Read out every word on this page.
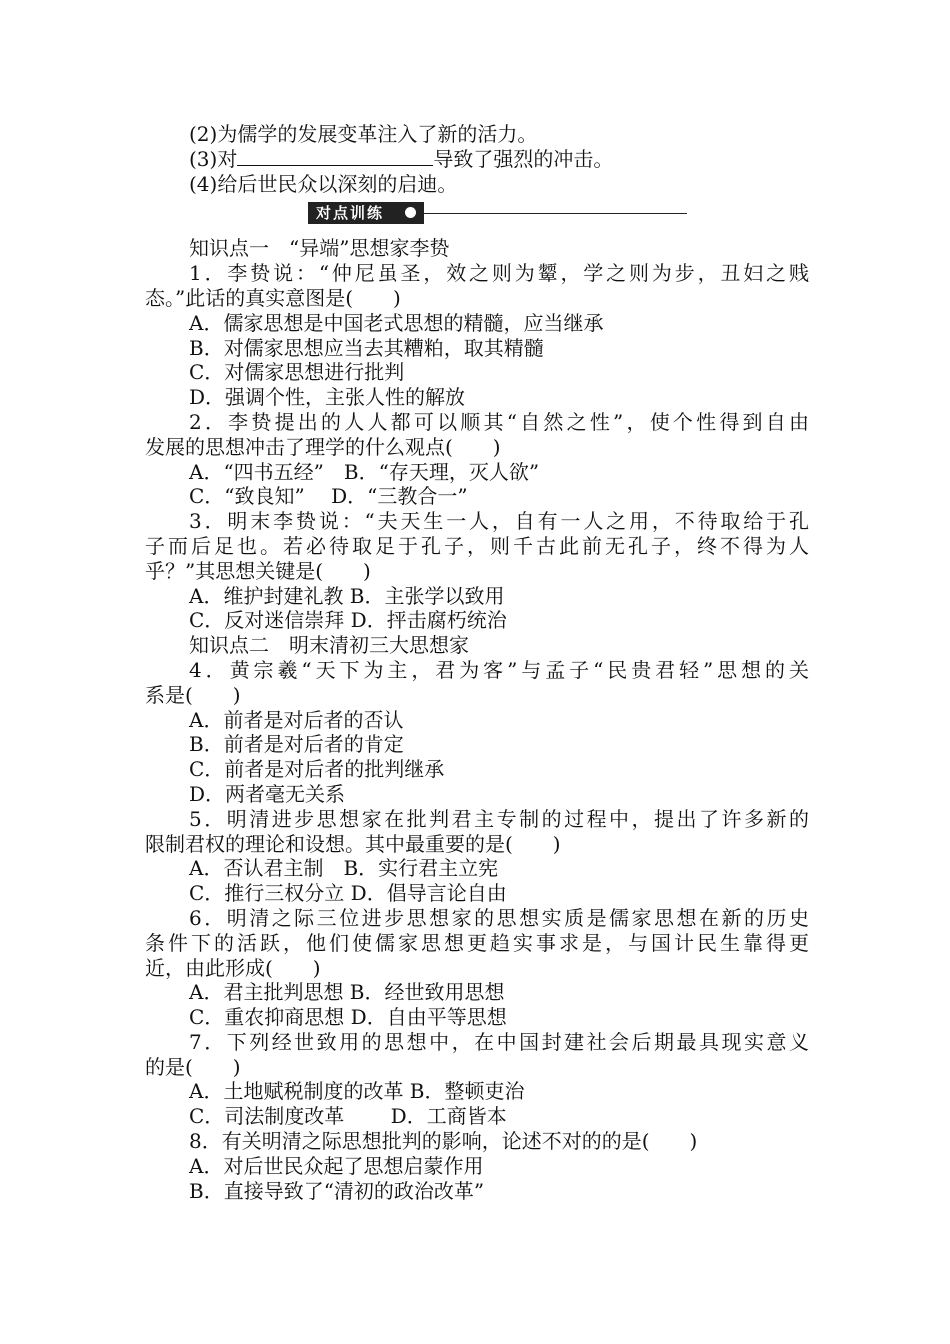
(2)为儒学的发展变革注入了新的活力。
(3)对	导致了强烈的冲击。
(4)给后世民众以深刻的启迪。
对点训练
知识点一　“异端”思想家李贽
1．李贽说：“仲尼虽圣，效之则为颦，学之则为步，丑妇之贱
态。”此话的真实意图是(　　)
A．儒家思想是中国老式思想的精髓，应当继承
B．对儒家思想应当去其糟粕，取其精髓
C．对儒家思想进行批判
D．强调个性，主张人性的解放
2．李贽提出的人人都可以顺其“自然之性”，使个性得到自由
发展的思想冲击了理学的什么观点(　　)
A．“四书五经”　B．“存天理，灭人欲”
C．“致良知”　 D．“三教合一”
3．明末李贽说：“夫天生一人，自有一人之用，不待取给于孔
子而后足也。若必待取足于孔子，则千古此前无孔子，终不得为人
乎？”其思想关键是(　　)
A．维护封建礼教 B．主张学以致用
C．反对迷信崇拜 D．抨击腐朽统治
知识点二　明末清初三大思想家
4．黄宗羲“天下为主，君为客”与孟子“民贵君轻”思想的关
系是(　　)
A．前者是对后者的否认
B．前者是对后者的肯定
C．前者是对后者的批判继承
D．两者毫无关系
5．明清进步思想家在批判君主专制的过程中，提出了许多新的
限制君权的理论和设想。其中最重要的是(　　)
A．否认君主制　B．实行君主立宪
C．推行三权分立 D．倡导言论自由
6．明清之际三位进步思想家的思想实质是儒家思想在新的历史
条件下的活跃，他们使儒家思想更趋实事求是，与国计民生靠得更
近，由此形成(　　)
A．君主批判思想 B．经世致用思想
C．重农抑商思想 D．自由平等思想
7．下列经世致用的思想中，在中国封建社会后期最具现实意义
的是(　　)
A．土地赋税制度的改革 B．整顿吏治
C．司法制度改革　　 D．工商皆本
8．有关明清之际思想批判的影响，论述不对的的是(　　)
A．对后世民众起了思想启蒙作用
B．直接导致了“清初的政治改革”
